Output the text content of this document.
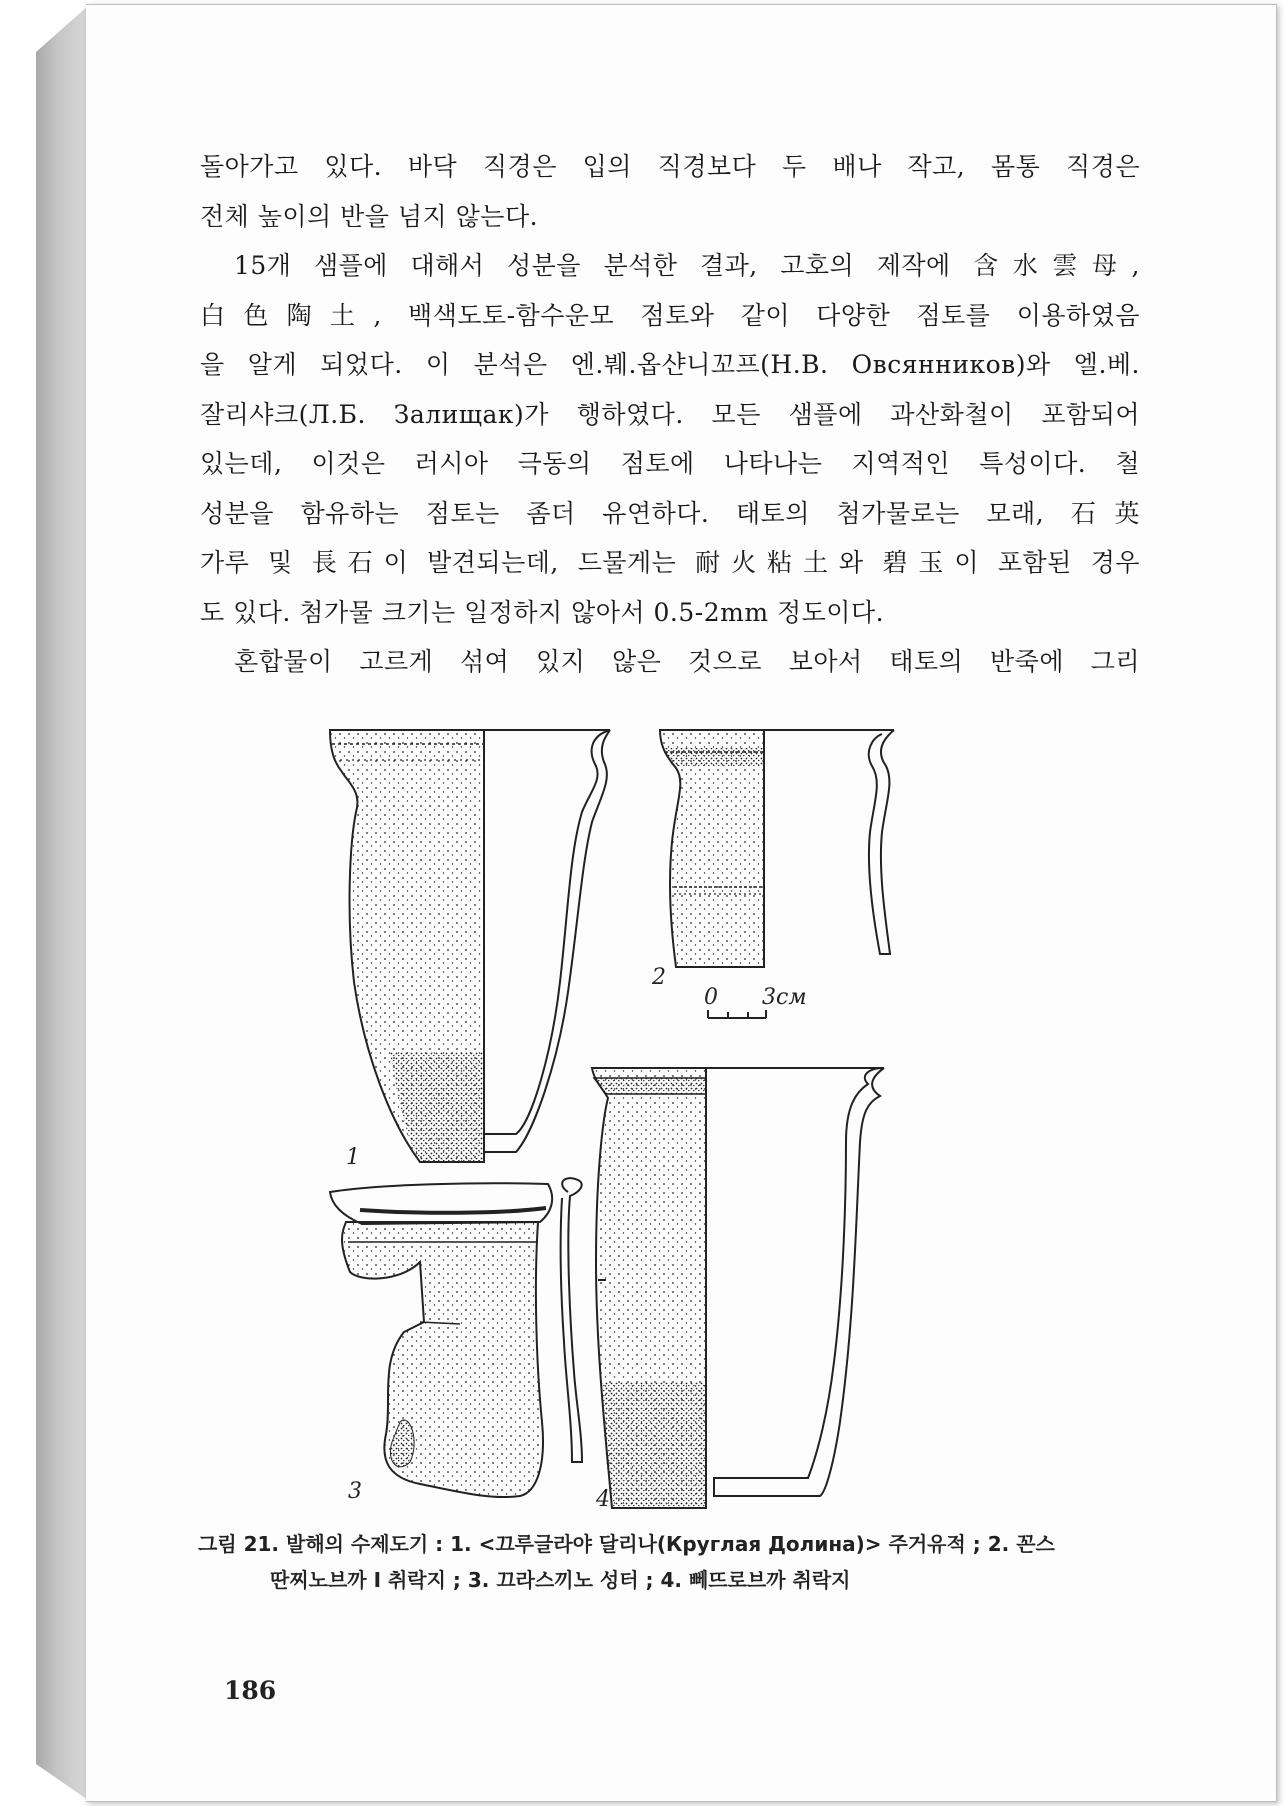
돌아가고 있다. 바닥 직경은 입의 직경보다 두 배나 작고, 몸통 직경은
전체 높이의 반을 넘지 않는다.
15개 샘플에 대해서 성분을 분석한 결과, 고호의 제작에 含水雲母,
白色陶土, 백색도토-함수운모 점토와 같이 다양한 점토를 이용하였음
을 알게 되었다. 이 분석은 엔.붸.옵샨니꼬프(Н.В. Овсянников)와 엘.베.
잘리샤크(Л.Б. Залищак)가 행하였다. 모든 샘플에 과산화철이 포함되어
있는데, 이것은 러시아 극동의 점토에 나타나는 지역적인 특성이다. 철
성분을 함유하는 점토는 좀더 유연하다. 태토의 첨가물로는 모래, 石英
가루 및 長石이 발견되는데, 드물게는 耐火粘土와 碧玉이 포함된 경우
도 있다. 첨가물 크기는 일정하지 않아서 0.5-2mm 정도이다.
혼합물이 고르게 섞여 있지 않은 것으로 보아서 태토의 반죽에 그리
1
2
0 3см
3	4
그림 21. 발해의 수제도기 : 1. <끄루글라야 달리나(Круглая Долина)> 주거유적 ; 2. 꼰스
딴찌노브까 I 취락지 ; 3. 끄라스끼노 성터 ; 4. 뻬뜨로브까 취락지
186
